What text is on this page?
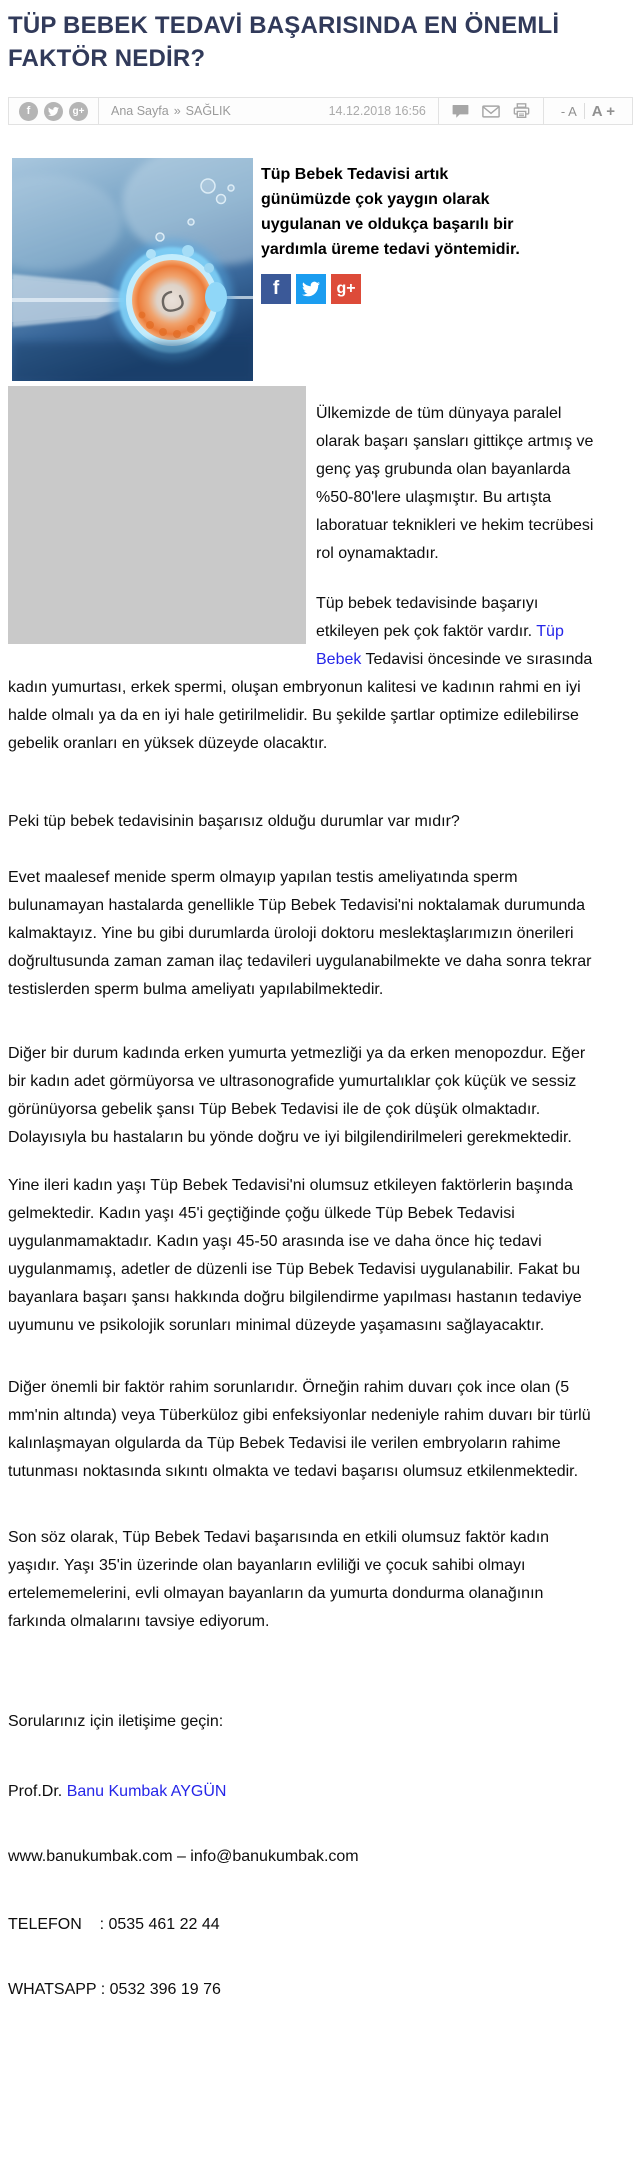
TÜP BEBEK TEDAVİ BAŞARISINDA EN ÖNEMLİ FAKTÖR NEDİR?
f	g+ Ana Sayfa » SAĞLIK	14.12.2018 16:56	- A	A +

Tüp Bebek Tedavisi artık günümüzde çok yaygın olarak uygulanan ve oldukça başarılı bir yardımla üreme tedavi yöntemidir.

f	g+

Ülkemizde de tüm dünyaya paralel olarak başarı şansları gittikçe artmış ve genç yaş grubunda olan bayanlarda %50-80'lere ulaşmıştır. Bu artışta laboratuar teknikleri ve hekim tecrübesi rol oynamaktadır.

Tüp bebek tedavisinde başarıyı etkileyen pek çok faktör vardır. Tüp Bebek Tedavisi öncesinde ve sırasında kadın yumurtası, erkek spermi, oluşan embryonun kalitesi ve kadının rahmi en iyi halde olmalı ya da en iyi hale getirilmelidir. Bu şekilde şartlar optimize edilebilirse gebelik oranları en yüksek düzeyde olacaktır.

Peki tüp bebek tedavisinin başarısız olduğu durumlar var mıdır?

Evet maalesef menide sperm olmayıp yapılan testis ameliyatında sperm bulunamayan hastalarda genellikle Tüp Bebek Tedavisi'ni noktalamak durumunda kalmaktayız. Yine bu gibi durumlarda üroloji doktoru meslektaşlarımızın önerileri doğrultusunda zaman zaman ilaç tedavileri uygulanabilmekte ve daha sonra tekrar testislerden sperm bulma ameliyatı yapılabilmektedir.

Diğer bir durum kadında erken yumurta yetmezliği ya da erken menopozdur. Eğer bir kadın adet görmüyorsa ve ultrasonografide yumurtalıklar çok küçük ve sessiz görünüyorsa gebelik şansı Tüp Bebek Tedavisi ile de çok düşük olmaktadır. Dolayısıyla bu hastaların bu yönde doğru ve iyi bilgilendirilmeleri gerekmektedir.

Yine ileri kadın yaşı Tüp Bebek Tedavisi'ni olumsuz etkileyen faktörlerin başında gelmektedir. Kadın yaşı 45'i geçtiğinde çoğu ülkede Tüp Bebek Tedavisi uygulanmamaktadır. Kadın yaşı 45-50 arasında ise ve daha önce hiç tedavi uygulanmamış, adetler de düzenli ise Tüp Bebek Tedavisi uygulanabilir. Fakat bu bayanlara başarı şansı hakkında doğru bilgilendirme yapılması hastanın tedaviye uyumunu ve psikolojik sorunları minimal düzeyde yaşamasını sağlayacaktır.

Diğer önemli bir faktör rahim sorunlarıdır. Örneğin rahim duvarı çok ince olan (5 mm'nin altında) veya Tüberküloz gibi enfeksiyonlar nedeniyle rahim duvarı bir türlü kalınlaşmayan olgularda da Tüp Bebek Tedavisi ile verilen embryoların rahime tutunması noktasında sıkıntı olmakta ve tedavi başarısı olumsuz etkilenmektedir.

Son söz olarak, Tüp Bebek Tedavi başarısında en etkili olumsuz faktör kadın yaşıdır. Yaşı 35'in üzerinde olan bayanların evliliği ve çocuk sahibi olmayı ertelememelerini, evli olmayan bayanların da yumurta dondurma olanağının farkında olmalarını tavsiye ediyorum.

Sorularınız için iletişime geçin:

Prof.Dr. Banu Kumbak AYGÜN

www.banukumbak.com – info@banukumbak.com

TELEFON    : 0535 461 22 44

WHATSAPP : 0532 396 19 76
